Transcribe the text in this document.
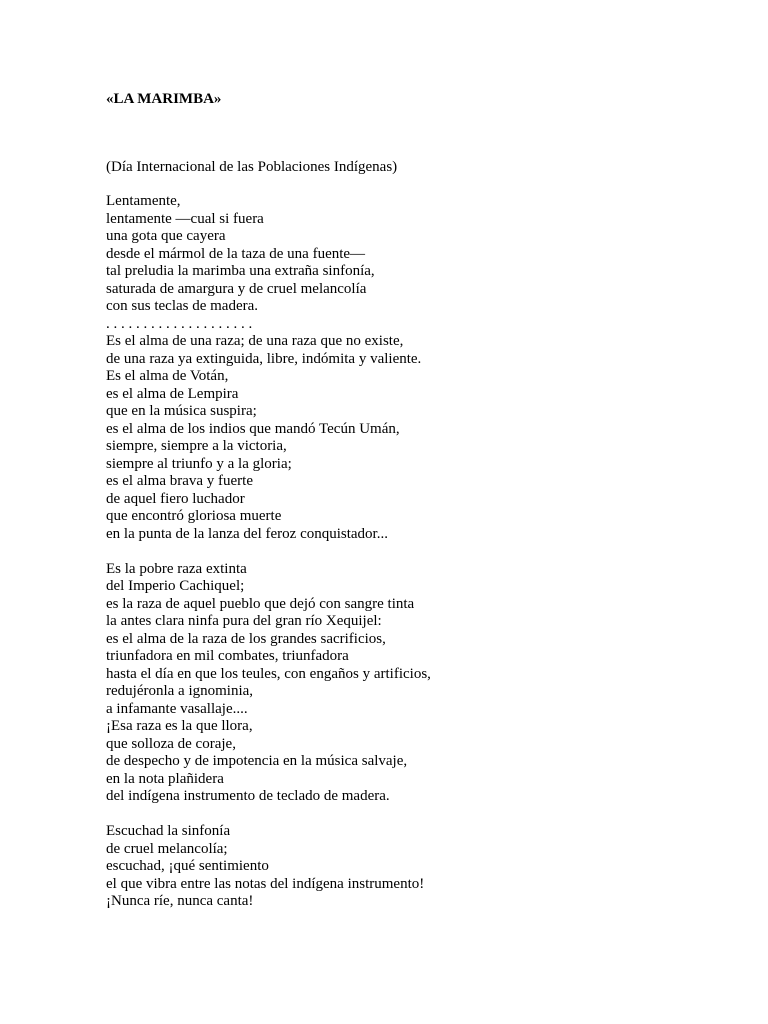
«LA MARIMBA»

(Día Internacional de las Poblaciones Indígenas)

Lentamente,
lentamente —cual si fuera
una gota que cayera
desde el mármol de la taza de una fuente—
tal preludia la marimba una extraña sinfonía,
saturada de amargura y de cruel melancolía
con sus teclas de madera.
. . . . . . . . . . . . . . . . . . . .
Es el alma de una raza; de una raza que no existe,
de una raza ya extinguida, libre, indómita y valiente.
Es el alma de Votán,
es el alma de Lempira
que en la música suspira;
es el alma de los indios que mandó Tecún Umán,
siempre, siempre a la victoria,
siempre al triunfo y a la gloria;
es el alma brava y fuerte
de aquel fiero luchador
que encontró gloriosa muerte
en la punta de la lanza del feroz conquistador...
Es la pobre raza extinta
del Imperio Cachiquel;
es la raza de aquel pueblo que dejó con sangre tinta
la antes clara ninfa pura del gran río Xequijel:
es el alma de la raza de los grandes sacrificios,
triunfadora en mil combates, triunfadora
hasta el día en que los teules, con engaños y artificios,
redujéronla a ignominia,
a infamante vasallaje....
¡Esa raza es la que llora,
que solloza de coraje,
de despecho y de impotencia en la música salvaje,
en la nota plañidera
del indígena instrumento de teclado de madera.
Escuchad la sinfonía
de cruel melancolía;
escuchad, ¡qué sentimiento
el que vibra entre las notas del indígena instrumento!
¡Nunca ríe, nunca canta!
